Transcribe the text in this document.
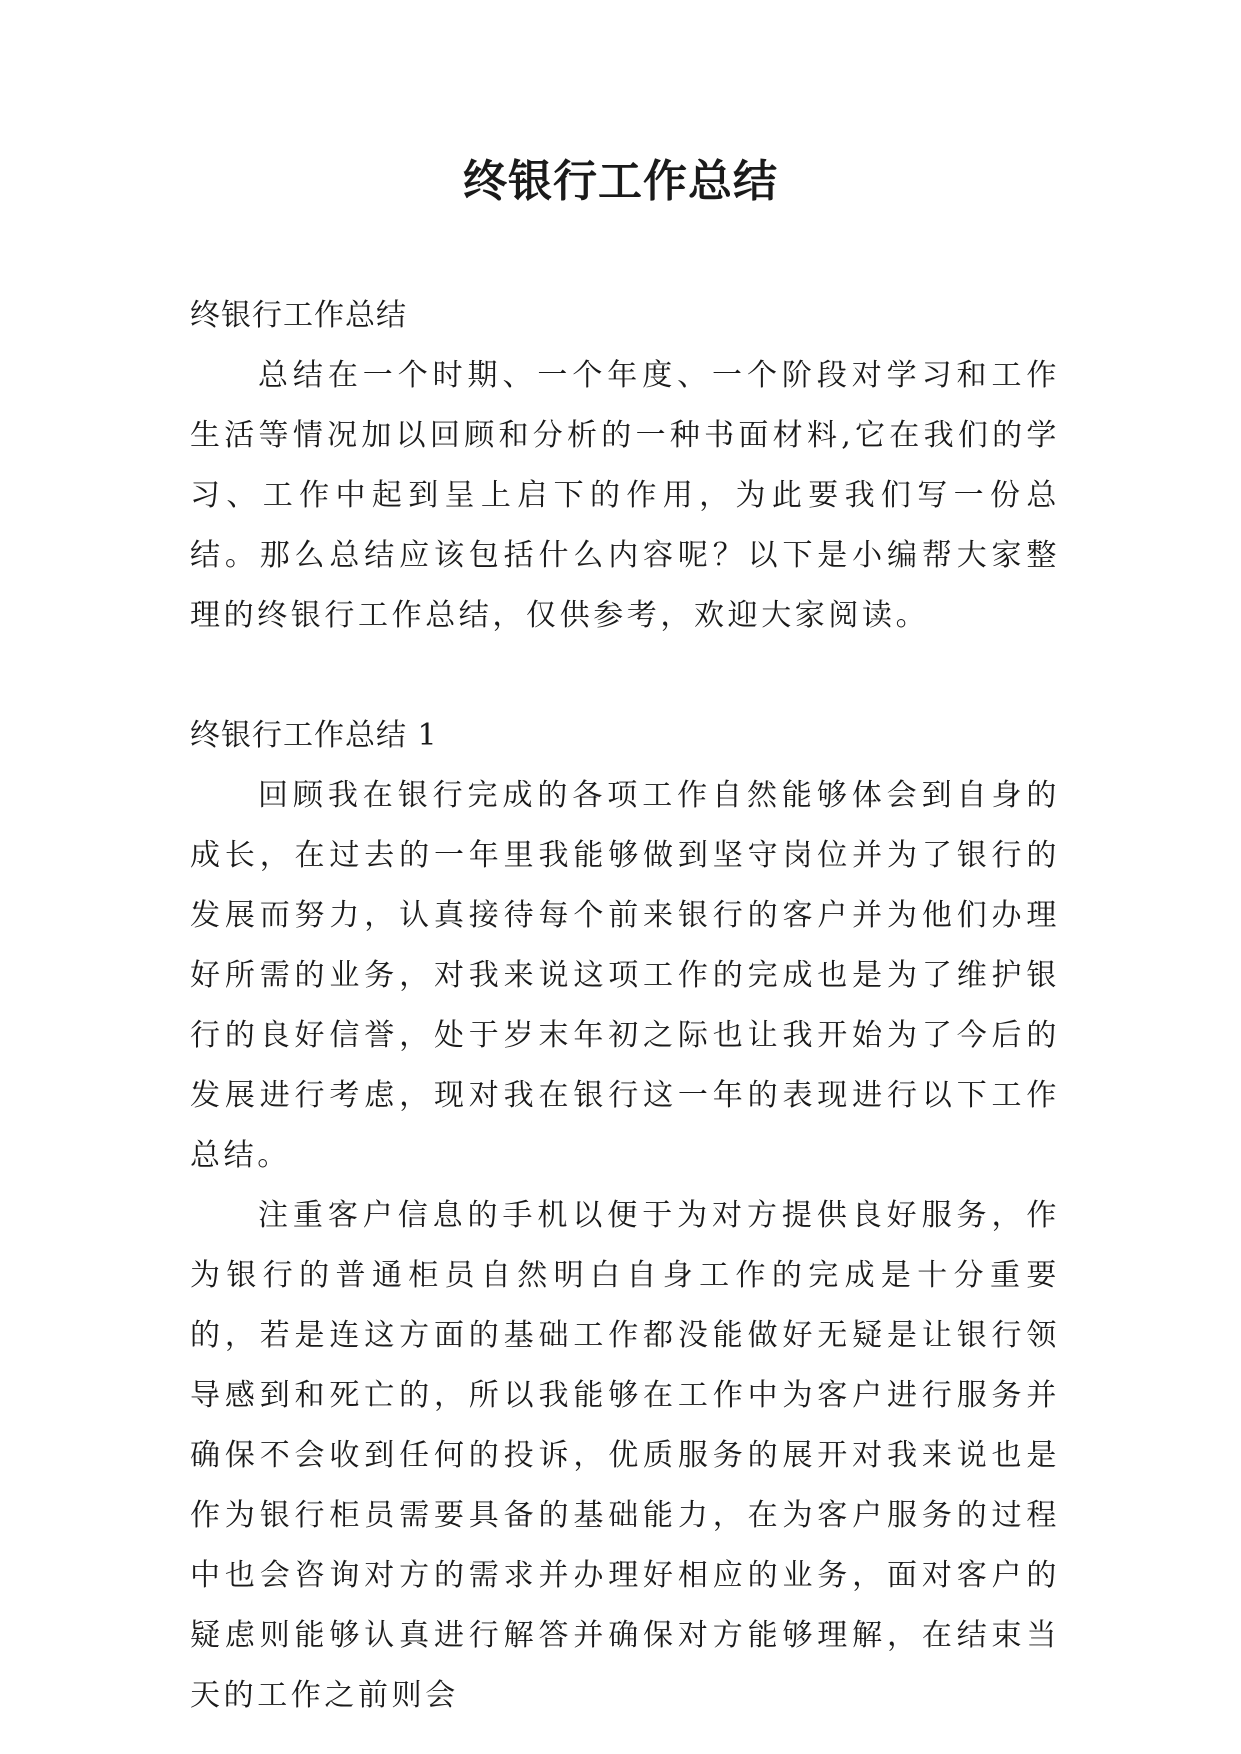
终银行工作总结

终银行工作总结

总结在一个时期、一个年度、一个阶段对学习和工作生活等情况加以回顾和分析的一种书面材料,它在我们的学习、工作中起到呈上启下的作用，为此要我们写一份总结。那么总结应该包括什么内容呢？以下是小编帮大家整理的终银行工作总结，仅供参考，欢迎大家阅读。

终银行工作总结 1

回顾我在银行完成的各项工作自然能够体会到自身的成长，在过去的一年里我能够做到坚守岗位并为了银行的发展而努力，认真接待每个前来银行的客户并为他们办理好所需的业务，对我来说这项工作的完成也是为了维护银行的良好信誉，处于岁末年初之际也让我开始为了今后的发展进行考虑，现对我在银行这一年的表现进行以下工作总结。

注重客户信息的手机以便于为对方提供良好服务，作为银行的普通柜员自然明白自身工作的完成是十分重要的，若是连这方面的基础工作都没能做好无疑是让银行领导感到和死亡的，所以我能够在工作中为客户进行服务并确保不会收到任何的投诉，优质服务的展开对我来说也是作为银行柜员需要具备的基础能力，在为客户服务的过程中也会咨询对方的需求并办理好相应的业务，面对客户的疑虑则能够认真进行解答并确保对方能够理解，在结束当天的工作之前则会
